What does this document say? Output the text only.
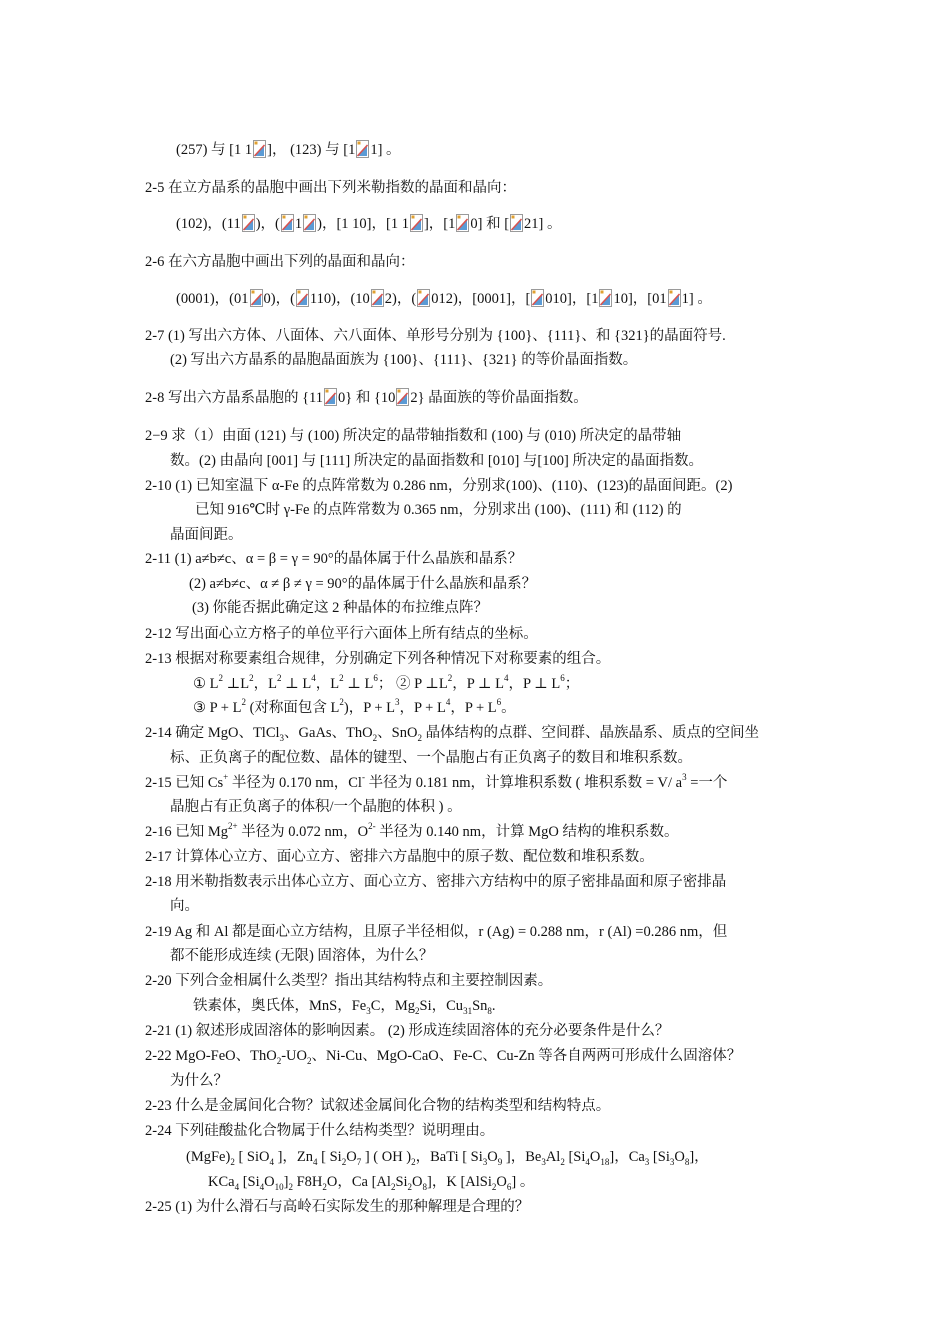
(257) 与 [1 1 ]， (123) 与 [1 1] 。
2-5 在立方晶系的晶胞中画出下列米勒指数的晶面和晶向：
(102)，(11 )，( 1 )，[1 10]，[1 1 ]，[1 0] 和 [ 21] 。
2-6 在六方晶胞中画出下列的晶面和晶向：
(0001)，(01 0)，( 110)，(10 2)，( 012)，[0001]，[ 010]，[1 10]，[01 1] 。
2-7 (1) 写出六方体、八面体、六八面体、单形号分别为 {100}、{111}、和 {321}的晶面符号.
(2) 写出六方晶系的晶胞晶面族为 {100}、{111}、{321} 的等价晶面指数。
2-8 写出六方晶系晶胞的 {11 0} 和 {10 2} 晶面族的等价晶面指数。
2−9 求（1）由面 (121) 与 (100) 所决定的晶带轴指数和 (100) 与 (010) 所决定的晶带轴
数。(2) 由晶向 [001] 与 [111] 所决定的晶面指数和 [010] 与[100] 所决定的晶面指数。
2-10 (1) 已知室温下 α-Fe 的点阵常数为 0.286 nm，分别求(100)、(110)、(123)的晶面间距。(2)
已知 916℃时 γ-Fe 的点阵常数为 0.365 nm，分别求出 (100)、(111) 和 (112) 的
晶面间距。
2-11 (1) a≠b≠c、α = β = γ = 90°的晶体属于什么晶族和晶系？
(2) a≠b≠c、α ≠ β ≠ γ = 90°的晶体属于什么晶族和晶系？
(3) 你能否据此确定这 2 种晶体的布拉维点阵？
2-12 写出面心立方格子的单位平行六面体上所有结点的坐标。
2-13 根据对称要素组合规律，分别确定下列各种情况下对称要素的组合。
① $L^2$ $\perp L^2$，$L^2$ ⊥ $L^4$，$L^2$ ⊥ $L^6$； ② P $\perp L^2$，P ⊥ $L^4$，P ⊥ $L^6$；
③ $P + L^2$ (对称面包含 $L^2$)，$P + L^3$，$P + L^4$，$P + L^6$。
2-14 确定 MgO、TlCl$_3$、GaAs、ThO$_2$、SnO$_2$ 晶体结构的点群、空间群、晶族晶系、质点的空间坐
标、正负离子的配位数、晶体的键型、一个晶胞占有正负离子的数目和堆积系数。
2-15 已知 Cs+ 半径为 0.170 nm，Cl- 半径为 0.181 nm，计算堆积系数 ( 堆积系数 = V/ $a^3$ =一个
晶胞占有正负离子的体积/一个晶胞的体积 ) 。
2-16 已知 $Mg^{2+}$ 半径为 0.072 nm，$O^{2-}$ 半径为 0.140 nm，计算 MgO 结构的堆积系数。
2-17 计算体心立方、面心立方、密排六方晶胞中的原子数、配位数和堆积系数。
2-18 用米勒指数表示出体心立方、面心立方、密排六方结构中的原子密排晶面和原子密排晶
向。
2-19 Ag 和 Al 都是面心立方结构，且原子半径相似，r (Ag) = 0.288 nm，r (Al) =0.286 nm，但
都不能形成连续 (无限) 固溶体，为什么？
2-20 下列合金相属什么类型？指出其结构特点和主要控制因素。
铁素体，奥氏体，MnS，$Fe_3C$，$Mg_2Si$，$Cu_{31}Sn_8$.
2-21 (1) 叙述形成固溶体的影响因素。 (2) 形成连续固溶体的充分必要条件是什么？
2-22 MgO-FeO、$ThO_2-UO_2$、Ni-Cu、MgO-CaO、Fe-C、Cu-Zn 等各自两两可形成什么固溶体？
为什么？
2-23 什么是金属间化合物？试叙述金属间化合物的结构类型和结构特点。
2-24 下列硅酸盐化合物属于什么结构类型？说明理由。
$(MgFe)_2$ [ SiO$_4$ ]，$Zn_4$ [ $Si_2O_7$ ] ( OH )$_2$，BaTi [ $Si_3O_9$ ]，$Be_3Al_2$ $[Si_4O_{18}]$，$Ca_3$ $[Si_3O_8]$，
KCa$_4$ $[Si_4O_{10}]_2$ $F8H_2O$，Ca $[Al_2Si_2O_8]$，K $[AlSi_2O_6]$ 。
2-25 (1) 为什么滑石与高岭石实际发生的那种解理是合理的？
